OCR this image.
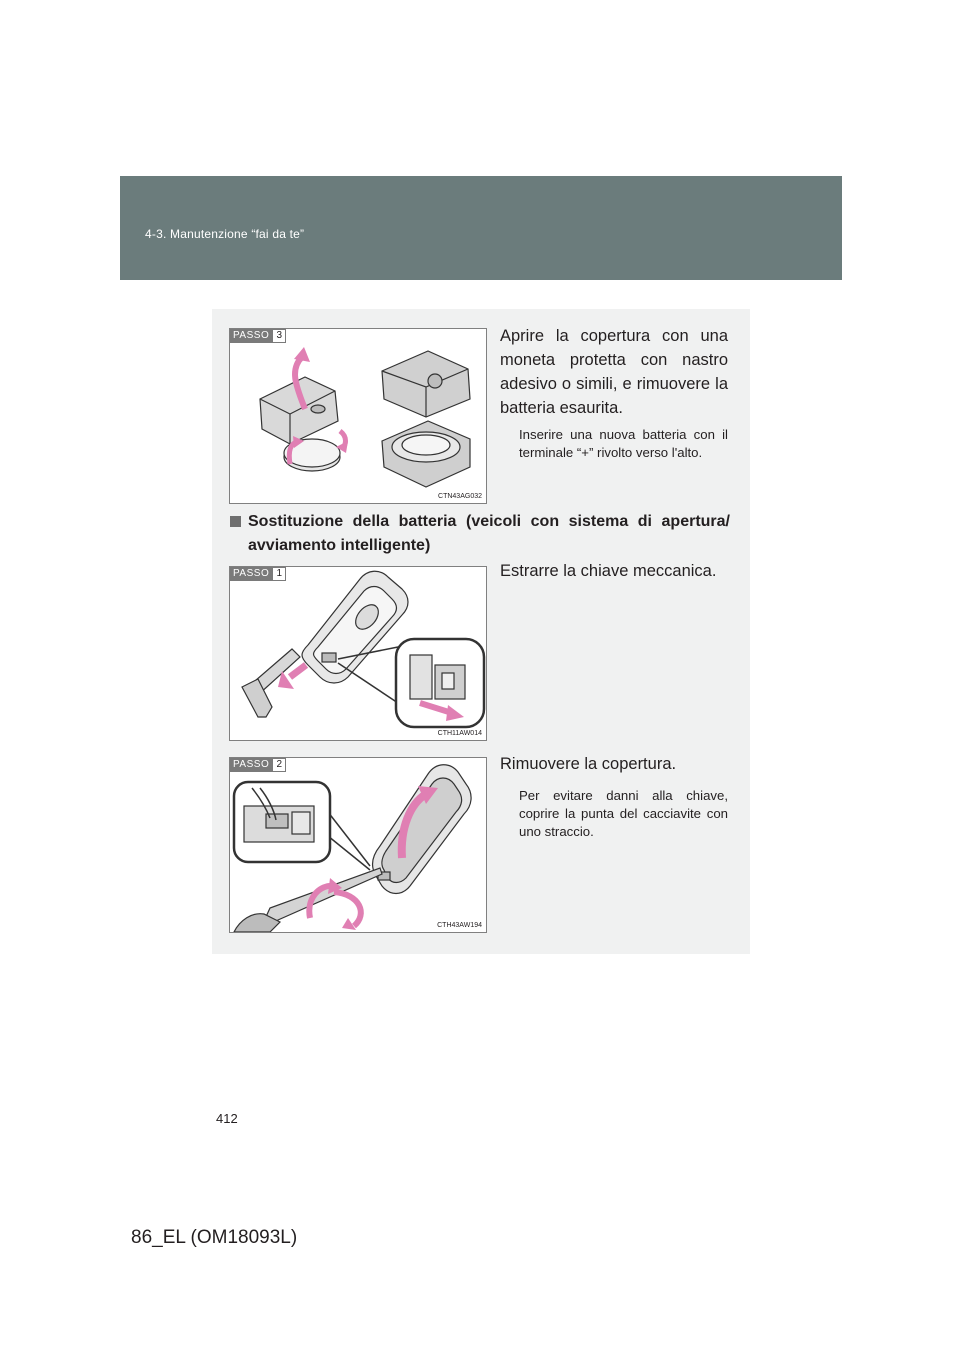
4-3. Manutenzione “fai da te”
PASSO 3
CTN43AG032
Aprire la copertura con una moneta protetta con nastro adesivo o simili, e rimuovere la batteria esaurita.
Inserire una nuova batteria con il terminale “+” rivolto verso l'alto.
Sostituzione della batteria (veicoli con sistema di apertura/ avviamento intelligente)
PASSO 1
CTH11AW014
Estrarre la chiave meccanica.
PASSO 2
CTH43AW194
Rimuovere la copertura.
Per evitare danni alla chiave, coprire la punta del cacciavite con uno straccio.
412
86_EL (OM18093L)
